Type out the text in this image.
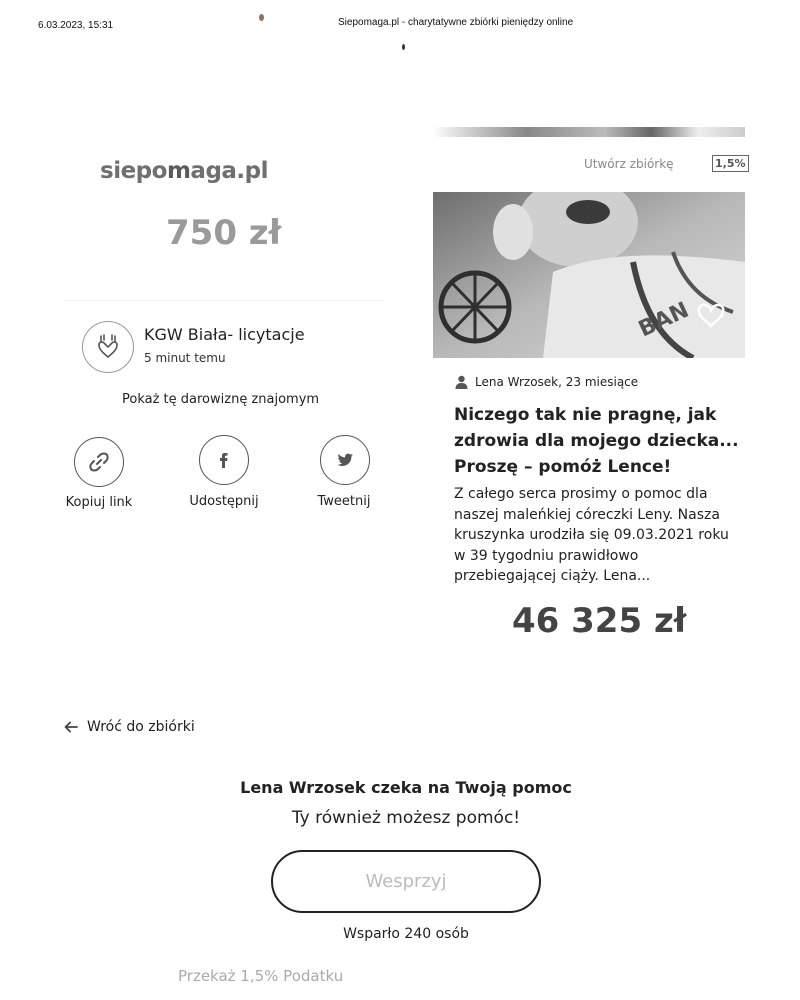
6.03.2023, 15:31	Siepomaga.pl - charytatywne zbiórki pieniędzy online
siepomaga.pl
750 zł
KGW Biała- licytacje
5 minut temu
Pokaż tę darowiznę znajomym
Kopiuj link	Udostępnij	Tweetnij
Utwórz zbiórkę	1,5%
BAN
Lena Wrzosek, 23 miesiące
Niczego tak nie pragnę, jak zdrowia dla mojego dziecka... Proszę – pomóż Lence!
Z całego serca prosimy o pomoc dla naszej maleńkiej córeczki Leny. Nasza kruszynka urodziła się 09.03.2021 roku w 39 tygodniu prawidłowo przebiegającej ciąży. Lena...
46 325 zł
Wróć do zbiórki
Lena Wrzosek czeka na Twoją pomoc
Ty również możesz pomóc!
Wesprzyj
Wsparło 240 osób
Przekaż 1,5% Podatku
